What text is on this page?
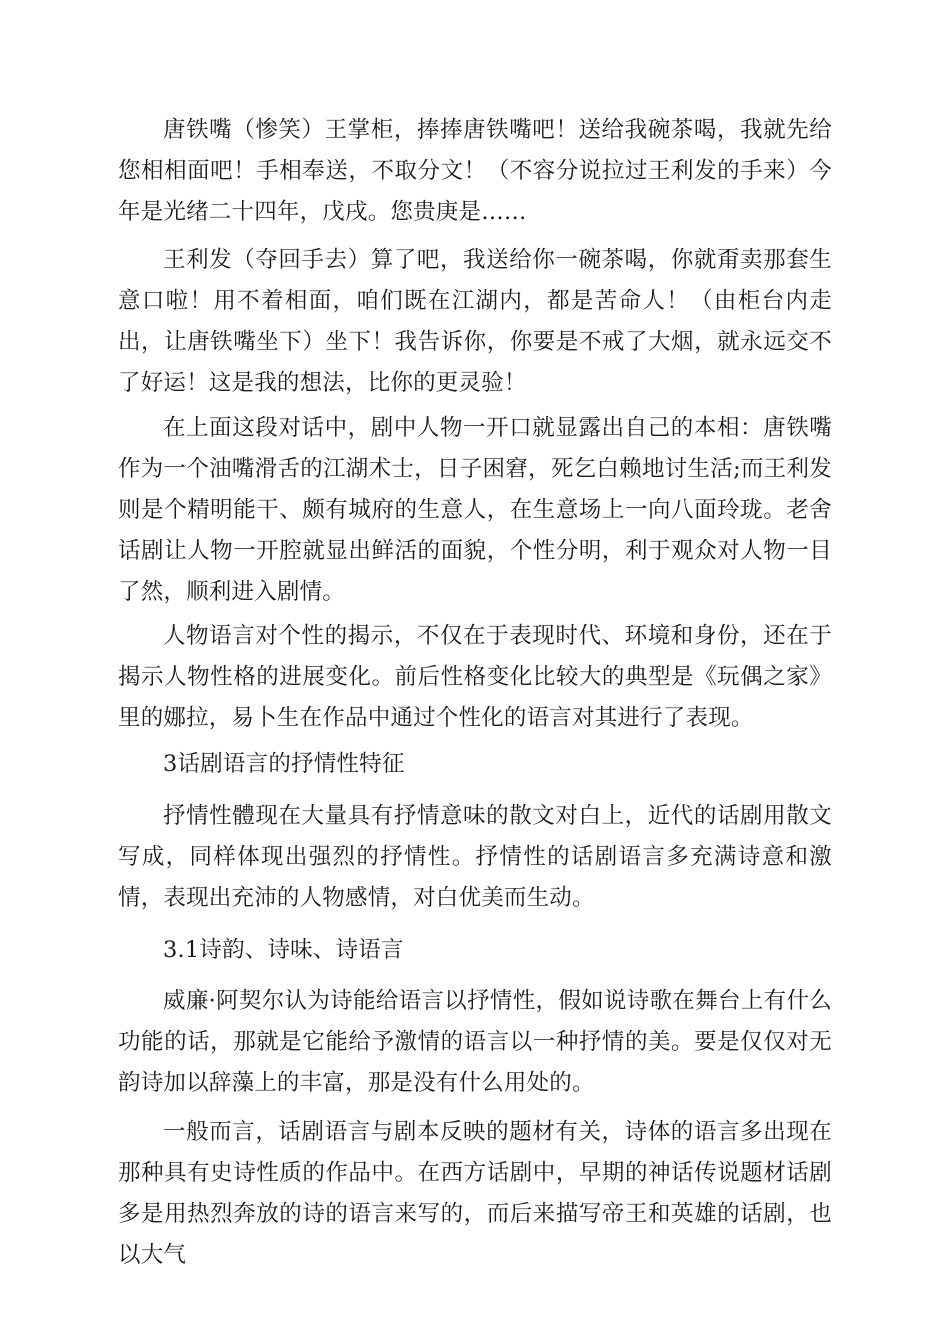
唐铁嘴（惨笑）王掌柜，捧捧唐铁嘴吧！送给我碗茶喝，我就先给您相相面吧！手相奉送，不取分文！（不容分说拉过王利发的手来）今年是光绪二十四年，戊戌。您贵庚是……

王利发（夺回手去）算了吧，我送给你一碗茶喝，你就甭卖那套生意口啦！用不着相面，咱们既在江湖内，都是苦命人！（由柜台内走出，让唐铁嘴坐下）坐下！我告诉你，你要是不戒了大烟，就永远交不了好运！这是我的想法，比你的更灵验！

在上面这段对话中，剧中人物一开口就显露出自己的本相：唐铁嘴作为一个油嘴滑舌的江湖术士，日子困窘，死乞白赖地讨生活;而王利发则是个精明能干、颇有城府的生意人，在生意场上一向八面玲珑。老舍话剧让人物一开腔就显出鲜活的面貌，个性分明，利于观众对人物一目了然，顺利进入剧情。

人物语言对个性的揭示，不仅在于表现时代、环境和身份，还在于揭示人物性格的进展变化。前后性格变化比较大的典型是《玩偶之家》里的娜拉，易卜生在作品中通过个性化的语言对其进行了表现。

3话剧语言的抒情性特征

抒情性體现在大量具有抒情意味的散文对白上，近代的话剧用散文写成，同样体现出强烈的抒情性。抒情性的话剧语言多充满诗意和激情，表现出充沛的人物感情，对白优美而生动。

3.1诗韵、诗味、诗语言

威廉·阿契尔认为诗能给语言以抒情性，假如说诗歌在舞台上有什么功能的话，那就是它能给予激情的语言以一种抒情的美。要是仅仅对无韵诗加以辞藻上的丰富，那是没有什么用处的。

一般而言，话剧语言与剧本反映的题材有关，诗体的语言多出现在那种具有史诗性质的作品中。在西方话剧中，早期的神话传说题材话剧多是用热烈奔放的诗的语言来写的，而后来描写帝王和英雄的话剧，也以大气
